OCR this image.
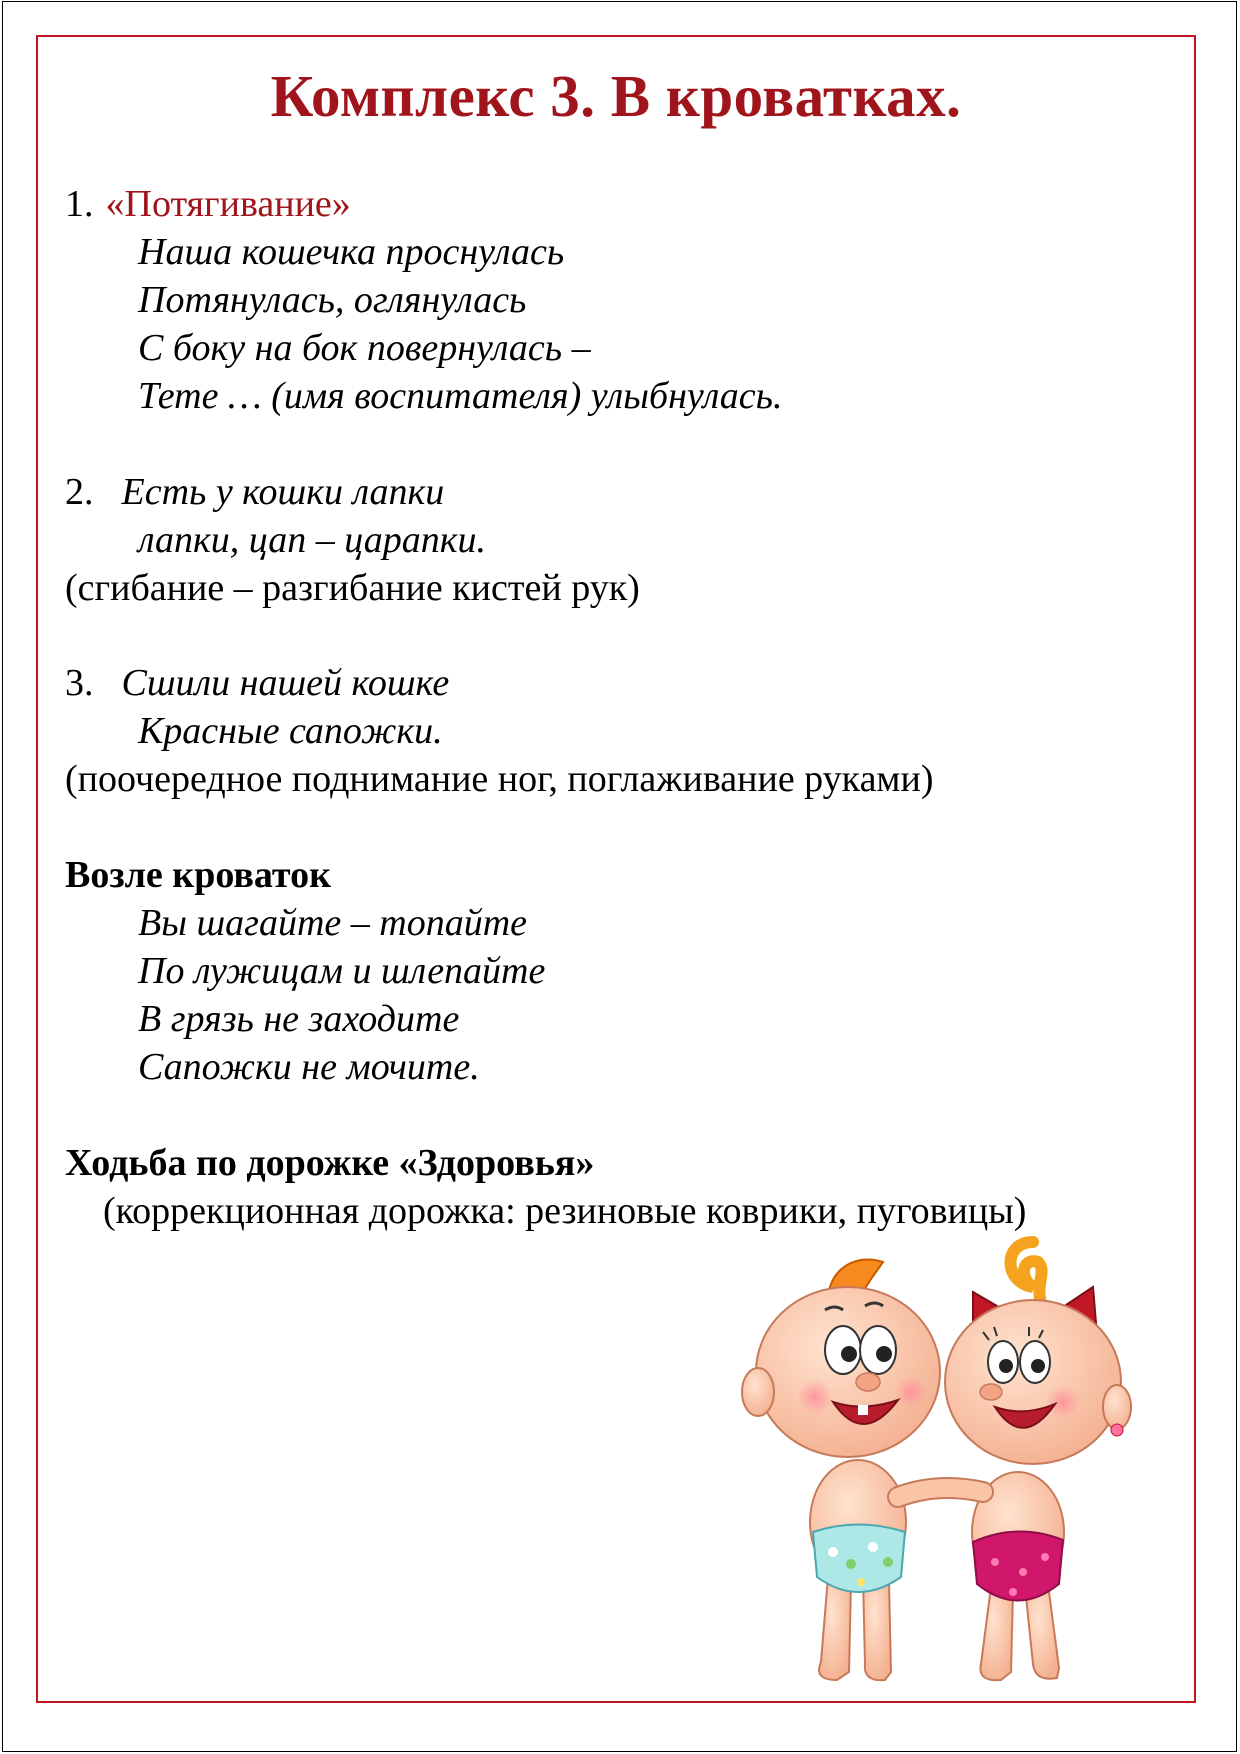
Комплекс 3. В кроватках.
1. «Потягивание»
Наша кошечка проснулась
Потянулась, оглянулась
С боку на бок повернулась –
Тете … (имя воспитателя) улыбнулась.
2. Есть у кошки лапки
лапки, цап – царапки.
(сгибание – разгибание кистей рук)
3. Сшили нашей кошке
Красные сапожки.
(поочередное поднимание ног, поглаживание руками)
Возле кроваток
Вы шагайте – топайте
По лужицам и шлепайте
В грязь не заходите
Сапожки не мочите.
Ходьба по дорожке «Здоровья»
(коррекционная дорожка: резиновые коврики, пуговицы)
